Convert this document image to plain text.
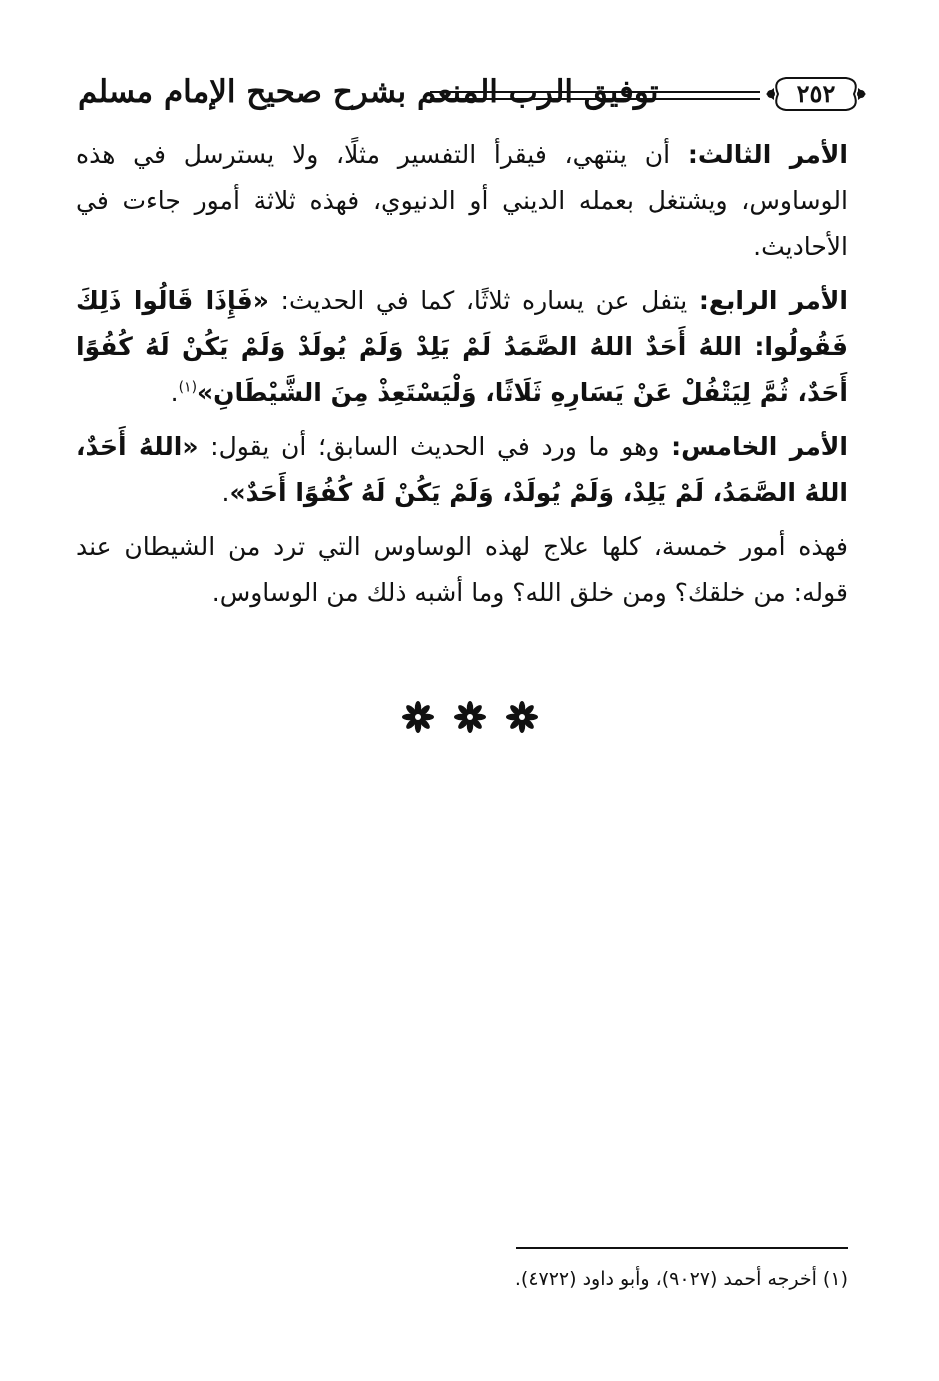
توفيق الرب المنعم بشرح صحيح الإمام مسلم	٢٥٢

الأمر الثالث: أن ينتهي، فيقرأ التفسير مثلًا، ولا يسترسل في هذه الوساوس، ويشتغل بعمله الديني أو الدنيوي، فهذه ثلاثة أمور جاءت في الأحاديث.

الأمر الرابع: يتفل عن يساره ثلاثًا، كما في الحديث: «فَإِذَا قَالُوا ذَلِكَ فَقُولُوا: اللهُ أَحَدٌ اللهُ الصَّمَدُ لَمْ يَلِدْ وَلَمْ يُولَدْ وَلَمْ يَكُنْ لَهُ كُفُوًا أَحَدٌ، ثُمَّ لِيَتْفُلْ عَنْ يَسَارِهِ ثَلَاثًا، وَلْيَسْتَعِذْ مِنَ الشَّيْطَانِ»$^{(١)}$.

الأمر الخامس: وهو ما ورد في الحديث السابق؛ أن يقول: «اللهُ أَحَدٌ، اللهُ الصَّمَدُ، لَمْ يَلِدْ، وَلَمْ يُولَدْ، وَلَمْ يَكُنْ لَهُ كُفُوًا أَحَدٌ».

فهذه أمور خمسة، كلها علاج لهذه الوساوس التي ترد من الشيطان عند قوله: من خلقك؟ ومن خلق الله؟ وما أشبه ذلك من الوساوس.

(١) أخرجه أحمد (٩٠٢٧)، وأبو داود (٤٧٢٢).
